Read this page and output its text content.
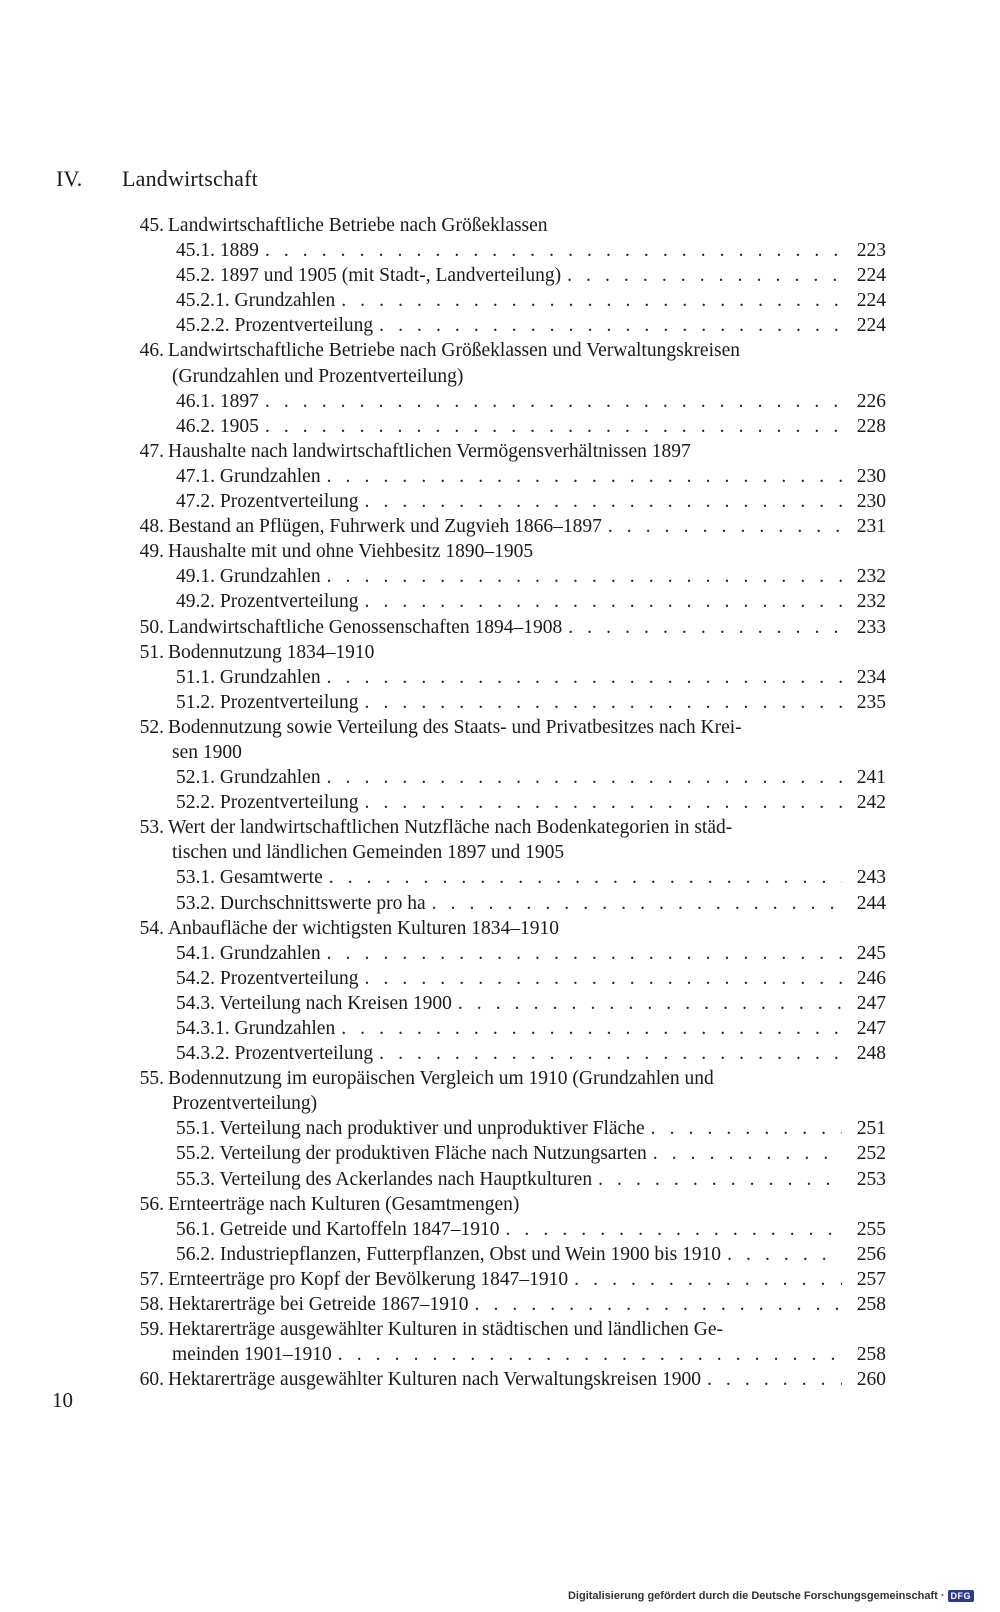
IV. Landwirtschaft
45. Landwirtschaftliche Betriebe nach Größeklassen
45.1. 1889 . . .	223
45.2. 1897 und 1905 (mit Stadt-, Landverteilung) . . .	224
45.2.1. Grundzahlen . . .	224
45.2.2. Prozentverteilung . . .	224
46. Landwirtschaftliche Betriebe nach Größeklassen und Verwaltungskreisen
(Grundzahlen und Prozentverteilung)
46.1. 1897 . . .	226
46.2. 1905 . . .	228
47. Haushalte nach landwirtschaftlichen Vermögensverhältnissen 1897
47.1. Grundzahlen . . .	230
47.2. Prozentverteilung . . .	230
48. Bestand an Pflügen, Fuhrwerk und Zugvieh 1866–1897 . . .	231
49. Haushalte mit und ohne Viehbesitz 1890–1905
49.1. Grundzahlen . . .	232
49.2. Prozentverteilung . . .	232
50. Landwirtschaftliche Genossenschaften 1894–1908 . . .	233
51. Bodennutzung 1834–1910
51.1. Grundzahlen . . .	234
51.2. Prozentverteilung . . .	235
52. Bodennutzung sowie Verteilung des Staats- und Privatbesitzes nach Krei-
sen 1900
52.1. Grundzahlen . . .	241
52.2. Prozentverteilung . . .	242
53. Wert der landwirtschaftlichen Nutzfläche nach Bodenkategorien in städ-
tischen und ländlichen Gemeinden 1897 und 1905
53.1. Gesamtwerte . . .	243
53.2. Durchschnittswerte pro ha . . .	244
54. Anbaufläche der wichtigsten Kulturen 1834–1910
54.1. Grundzahlen . . .	245
54.2. Prozentverteilung . . .	246
54.3. Verteilung nach Kreisen 1900 . . .	247
54.3.1. Grundzahlen . . .	247
54.3.2. Prozentverteilung . . .	248
55. Bodennutzung im europäischen Vergleich um 1910 (Grundzahlen und
Prozentverteilung)
55.1. Verteilung nach produktiver und unproduktiver Fläche . . .	251
55.2. Verteilung der produktiven Fläche nach Nutzungsarten . . .	252
55.3. Verteilung des Ackerlandes nach Hauptkulturen . . .	253
56. Ernteerträge nach Kulturen (Gesamtmengen)
56.1. Getreide und Kartoffeln 1847–1910 . . .	255
56.2. Industriepflanzen, Futterpflanzen, Obst und Wein 1900 bis 1910 . . .	256
57. Ernteerträge pro Kopf der Bevölkerung 1847–1910 . . .	257
58. Hektarerträge bei Getreide 1867–1910 . . .	258
59. Hektarerträge ausgewählter Kulturen in städtischen und ländlichen Ge-
meinden 1901–1910 . . .	258
60. Hektarerträge ausgewählter Kulturen nach Verwaltungskreisen 1900 . . .	260
10
Digitalisierung gefördert durch die Deutsche Forschungsgemeinschaft · DFG
